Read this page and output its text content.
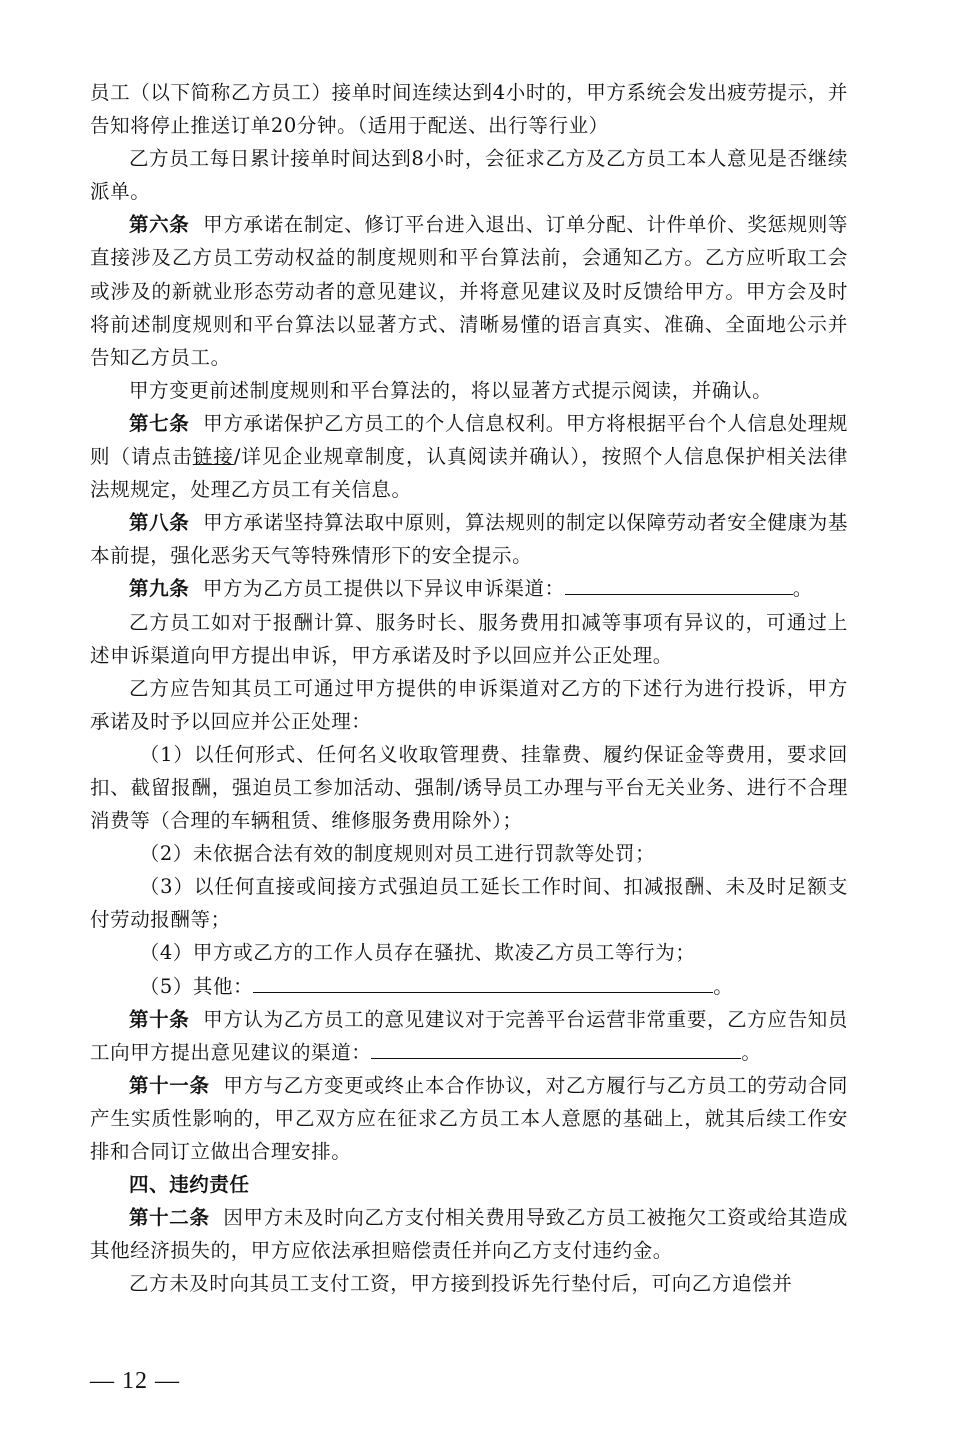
员工（以下简称乙方员工）接单时间连续达到4小时的，甲方系统会发出疲劳提示，并告知将停止推送订单20分钟。（适用于配送、出行等行业）

乙方员工每日累计接单时间达到8小时，会征求乙方及乙方员工本人意见是否继续派单。

第六条 甲方承诺在制定、修订平台进入退出、订单分配、计件单价、奖惩规则等直接涉及乙方员工劳动权益的制度规则和平台算法前，会通知乙方。乙方应听取工会或涉及的新就业形态劳动者的意见建议，并将意见建议及时反馈给甲方。甲方会及时将前述制度规则和平台算法以显著方式、清晰易懂的语言真实、准确、全面地公示并告知乙方员工。

甲方变更前述制度规则和平台算法的，将以显著方式提示阅读，并确认。

第七条 甲方承诺保护乙方员工的个人信息权利。甲方将根据平台个人信息处理规则（请点击链接/详见企业规章制度，认真阅读并确认），按照个人信息保护相关法律法规规定，处理乙方员工有关信息。

第八条 甲方承诺坚持算法取中原则，算法规则的制定以保障劳动者安全健康为基本前提，强化恶劣天气等特殊情形下的安全提示。

第九条 甲方为乙方员工提供以下异议申诉渠道：	。

乙方员工如对于报酬计算、服务时长、服务费用扣减等事项有异议的，可通过上述申诉渠道向甲方提出申诉，甲方承诺及时予以回应并公正处理。

乙方应告知其员工可通过甲方提供的申诉渠道对乙方的下述行为进行投诉，甲方承诺及时予以回应并公正处理：

（1）以任何形式、任何名义收取管理费、挂靠费、履约保证金等费用，要求回扣、截留报酬，强迫员工参加活动、强制/诱导员工办理与平台无关业务、进行不合理消费等（合理的车辆租赁、维修服务费用除外）；

（2）未依据合法有效的制度规则对员工进行罚款等处罚；

（3）以任何直接或间接方式强迫员工延长工作时间、扣减报酬、未及时足额支付劳动报酬等；

（4）甲方或乙方的工作人员存在骚扰、欺凌乙方员工等行为；

（5）其他：	。

第十条 甲方认为乙方员工的意见建议对于完善平台运营非常重要，乙方应告知员工向甲方提出意见建议的渠道：	。

第十一条 甲方与乙方变更或终止本合作协议，对乙方履行与乙方员工的劳动合同产生实质性影响的，甲乙双方应在征求乙方员工本人意愿的基础上，就其后续工作安排和合同订立做出合理安排。

四、违约责任

第十二条 因甲方未及时向乙方支付相关费用导致乙方员工被拖欠工资或给其造成其他经济损失的，甲方应依法承担赔偿责任并向乙方支付违约金。

乙方未及时向其员工支付工资，甲方接到投诉先行垫付后，可向乙方追偿并

— 12 —
